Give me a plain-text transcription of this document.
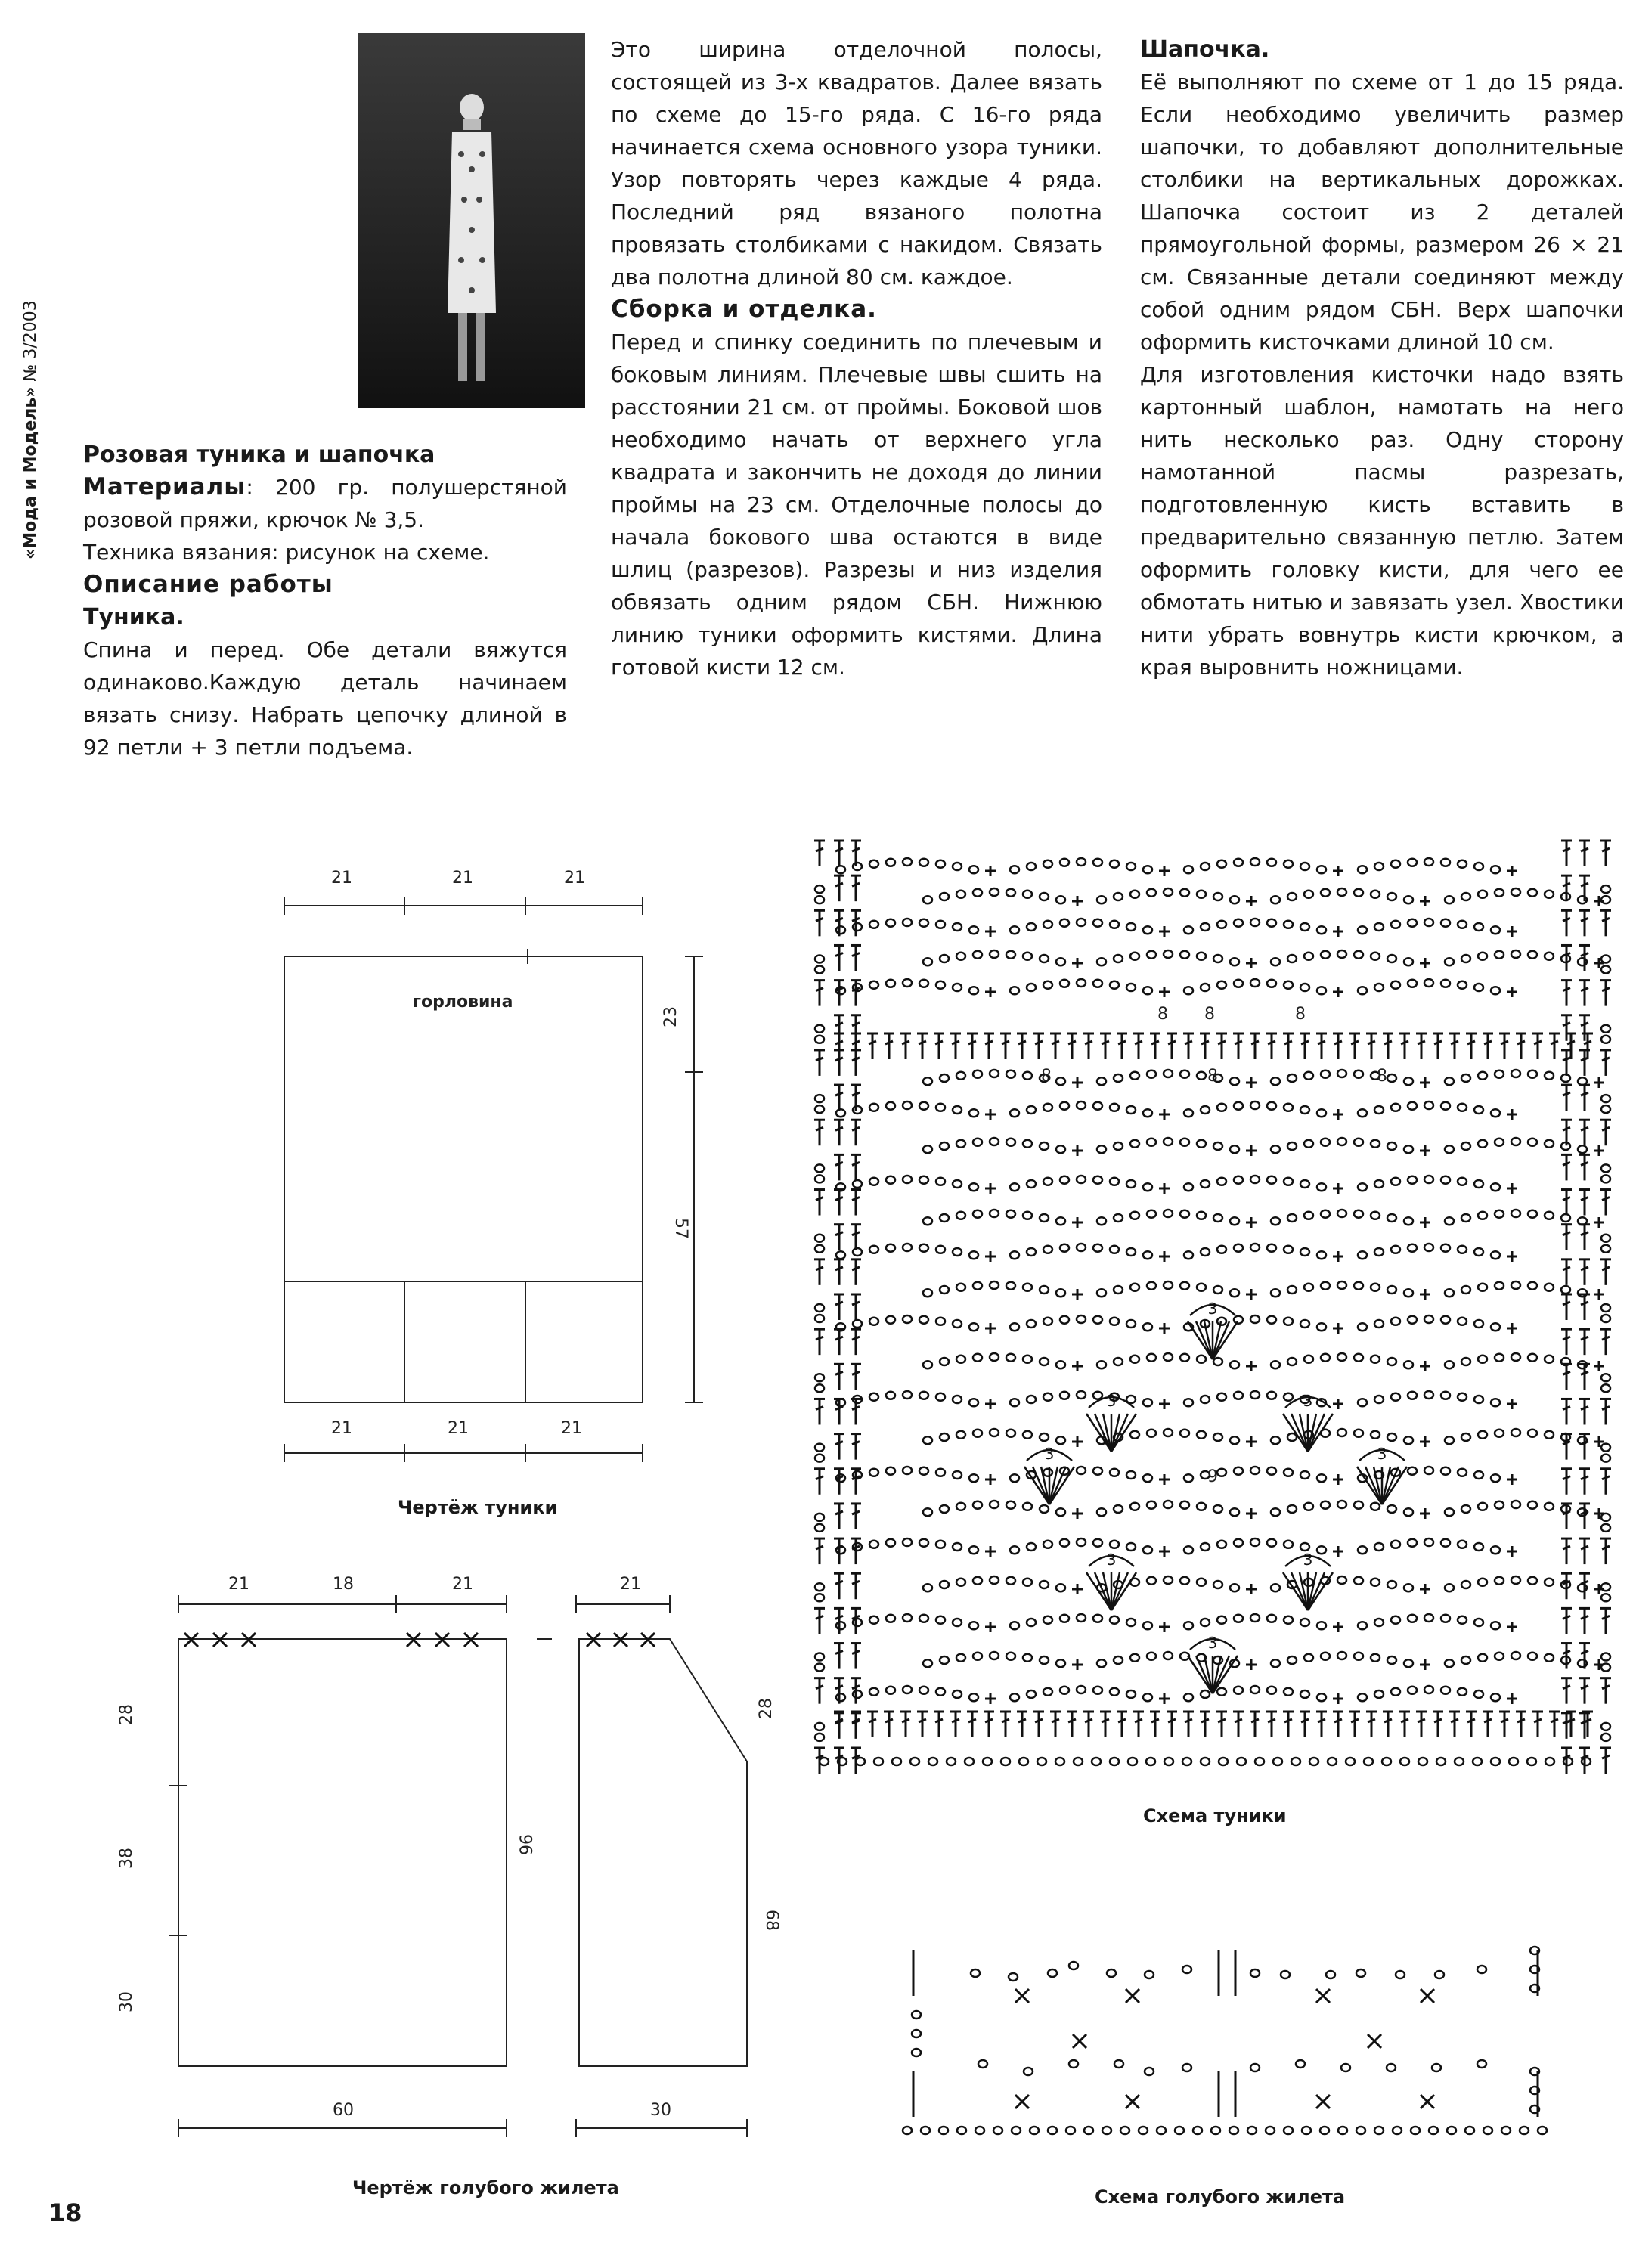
«Мода и Модель» № 3/2003

Розовая туника и шапочка

Материалы: 200 гр. полушерстяной розовой пряжи, крючок № 3,5.

Техника вязания: рисунок на схеме.

Описание работы

Туника.

Спина и перед. Обе детали вяжутся одинаково.Каждую деталь начинаем вязать снизу. Набрать цепочку длиной в 92 петли + 3 петли подъема.

Это ширина отделочной полосы, состоящей из 3-х квадратов. Далее вязать по схеме до 15-го ряда. С 16-го ряда начинается схема основного узора туники. Узор повторять через каждые 4 ряда. Последний ряд вязаного полотна провязать столбиками с накидом. Связать два полотна длиной 80 см. каждое.

Сборка и отделка.

Перед и спинку соединить по плечевым и боковым линиям. Плечевые швы сшить на расстоянии 21 см. от проймы. Боковой шов необходимо начать от верхнего угла квадрата и закончить не доходя до линии проймы на 23 см. Отделочные полосы до начала бокового шва остаются в виде шлиц (разрезов). Разрезы и низ изделия обвязать одним рядом СБН. Нижнюю линию туники оформить кистями. Длина готовой кисти 12 см.

Шапочка.

Её выполняют по схеме от 1 до 15 ряда. Если необходимо увеличить размер шапочки, то добавляют дополнительные столбики на вертикальных дорожках. Шапочка состоит из 2 деталей прямоугольной формы, размером 26 × 21 см. Связанные детали соединяют между собой одним рядом СБН. Верх шапочки оформить кисточками длиной 10 см.

Для изготовления кисточки надо взять картонный шаблон, намотать на него нить несколько раз. Одну сторону намотанной пасмы разрезать, подготовленную кисть вставить в предварительно связанную петлю. Затем оформить головку кисти, для чего ее обмотать нитью и завязать узел. Хвостики нити убрать вовнутрь кисти крючком, а края выровнить ножницами.

21	21	21
горловина
21	21	21
23
57
21	18	21
28
38
30
96
60
21
68
30
3
3	3
3	3
3	3
3
28
8 8	8
8	8	8
9
Чертёж туники
Схема туники
Чертёж голубого жилета	Схема голубого жилета
18
